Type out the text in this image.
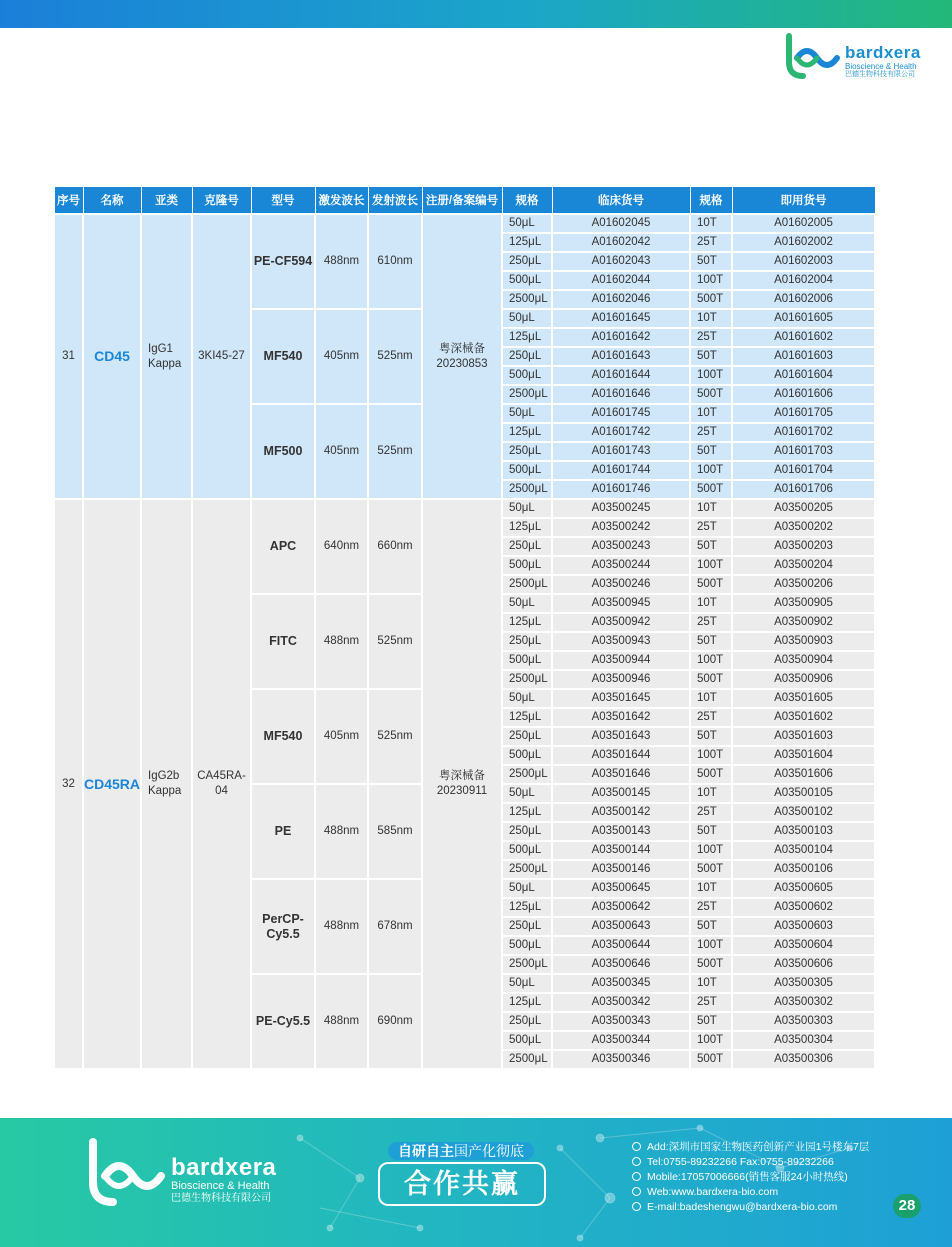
bardxera
Bioscience & Health
巴德生物科技有限公司
序号	名称	亚类	克隆号	型号	激发波长	发射波长	注册/备案编号	规格	临床货号	规格	即用货号
31	CD45	IgG1 Kappa	3KI45-27	PE-CF594	488nm	610nm	粤深械备 20230853	50μL	A01602045	10T	A01602005
								125μL	A01602042	25T	A01602002
								250μL	A01602043	50T	A01602003
								500μL	A01602044	100T	A01602004
								2500μL	A01602046	500T	A01602006
				MF540	405nm	525nm		50μL	A01601645	10T	A01601605
								125μL	A01601642	25T	A01601602
								250μL	A01601643	50T	A01601603
								500μL	A01601644	100T	A01601604
								2500μL	A01601646	500T	A01601606
				MF500	405nm	525nm		50μL	A01601745	10T	A01601705
								125μL	A01601742	25T	A01601702
								250μL	A01601743	50T	A01601703
								500μL	A01601744	100T	A01601704
								2500μL	A01601746	500T	A01601706
32	CD45RA	IgG2b Kappa	CA45RA-04	APC	640nm	660nm	粤深械备 20230911	50μL	A03500245	10T	A03500205
								125μL	A03500242	25T	A03500202
								250μL	A03500243	50T	A03500203
								500μL	A03500244	100T	A03500204
								2500μL	A03500246	500T	A03500206
				FITC	488nm	525nm		50μL	A03500945	10T	A03500905
								125μL	A03500942	25T	A03500902
								250μL	A03500943	50T	A03500903
								500μL	A03500944	100T	A03500904
								2500μL	A03500946	500T	A03500906
				MF540	405nm	525nm		50μL	A03501645	10T	A03501605
								125μL	A03501642	25T	A03501602
								250μL	A03501643	50T	A03501603
								500μL	A03501644	100T	A03501604
								2500μL	A03501646	500T	A03501606
				PE	488nm	585nm		50μL	A03500145	10T	A03500105
								125μL	A03500142	25T	A03500102
								250μL	A03500143	50T	A03500103
								500μL	A03500144	100T	A03500104
								2500μL	A03500146	500T	A03500106
				PerCP-Cy5.5	488nm	678nm		50μL	A03500645	10T	A03500605
								125μL	A03500642	25T	A03500602
								250μL	A03500643	50T	A03500603
								500μL	A03500644	100T	A03500604
								2500μL	A03500646	500T	A03500606
				PE-Cy5.5	488nm	690nm		50μL	A03500345	10T	A03500305
								125μL	A03500342	25T	A03500302
								250μL	A03500343	50T	A03500303
								500μL	A03500344	100T	A03500304
								2500μL	A03500346	500T	A03500306
bardxera
Bioscience & Health
巴德生物科技有限公司
自研自主国产化彻底
合作共赢
Add:深圳市国家生物医药创新产业园1号楼东7层
Tel:0755-89232266 Fax:0755-89232266
Mobile:17057006666(销售客服24小时热线)
Web:www.bardxera-bio.com
E-mail:badeshengwu@bardxera-bio.com	28
